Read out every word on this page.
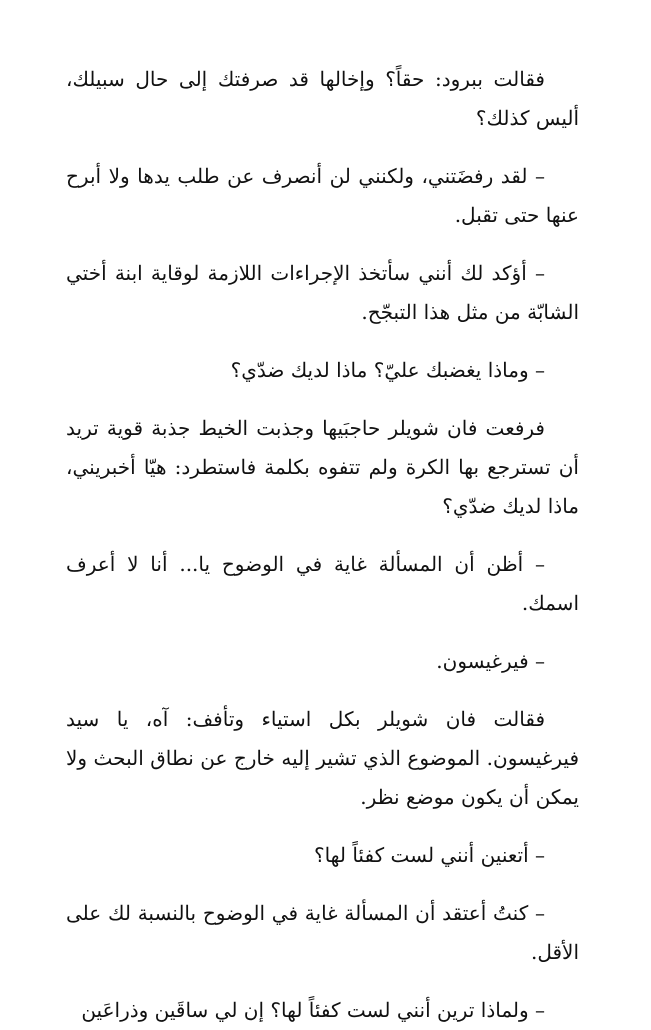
فقالت ببرود: حقاً؟ وإخالها قد صرفتك إلى حال سبيلك، أليس كذلك؟

– لقد رفضَتني، ولكنني لن أنصرف عن طلب يدها ولا أبرح عنها حتى تقبل.

– أؤكد لك أنني سأتخذ الإجراءات اللازمة لوقاية ابنة أختي الشابّة من مثل هذا التبجّح.

– وماذا يغضبك عليّ؟ ماذا لديك ضدّي؟

فرفعت فان شويلر حاجبَيها وجذبت الخيط جذبة قوية تريد أن تسترجع بها الكرة ولم تتفوه بكلمة فاستطرد: هيّا أخبريني، ماذا لديك ضدّي؟

– أظن أن المسألة غاية في الوضوح يا... أنا لا أعرف اسمك.

– فيرغيسون.

فقالت فان شويلر بكل استياء وتأفف: آه، يا سيد فيرغيسون. الموضوع الذي تشير إليه خارج عن نطاق البحث ولا يمكن أن يكون موضع نظر.

– أتعنين أنني لست كفئاً لها؟

– كنتُ أعتقد أن المسألة غاية في الوضوح بالنسبة لك على الأقل.

– ولماذا ترين أنني لست كفئاً لها؟ إن لي ساقَين وذراعَين
